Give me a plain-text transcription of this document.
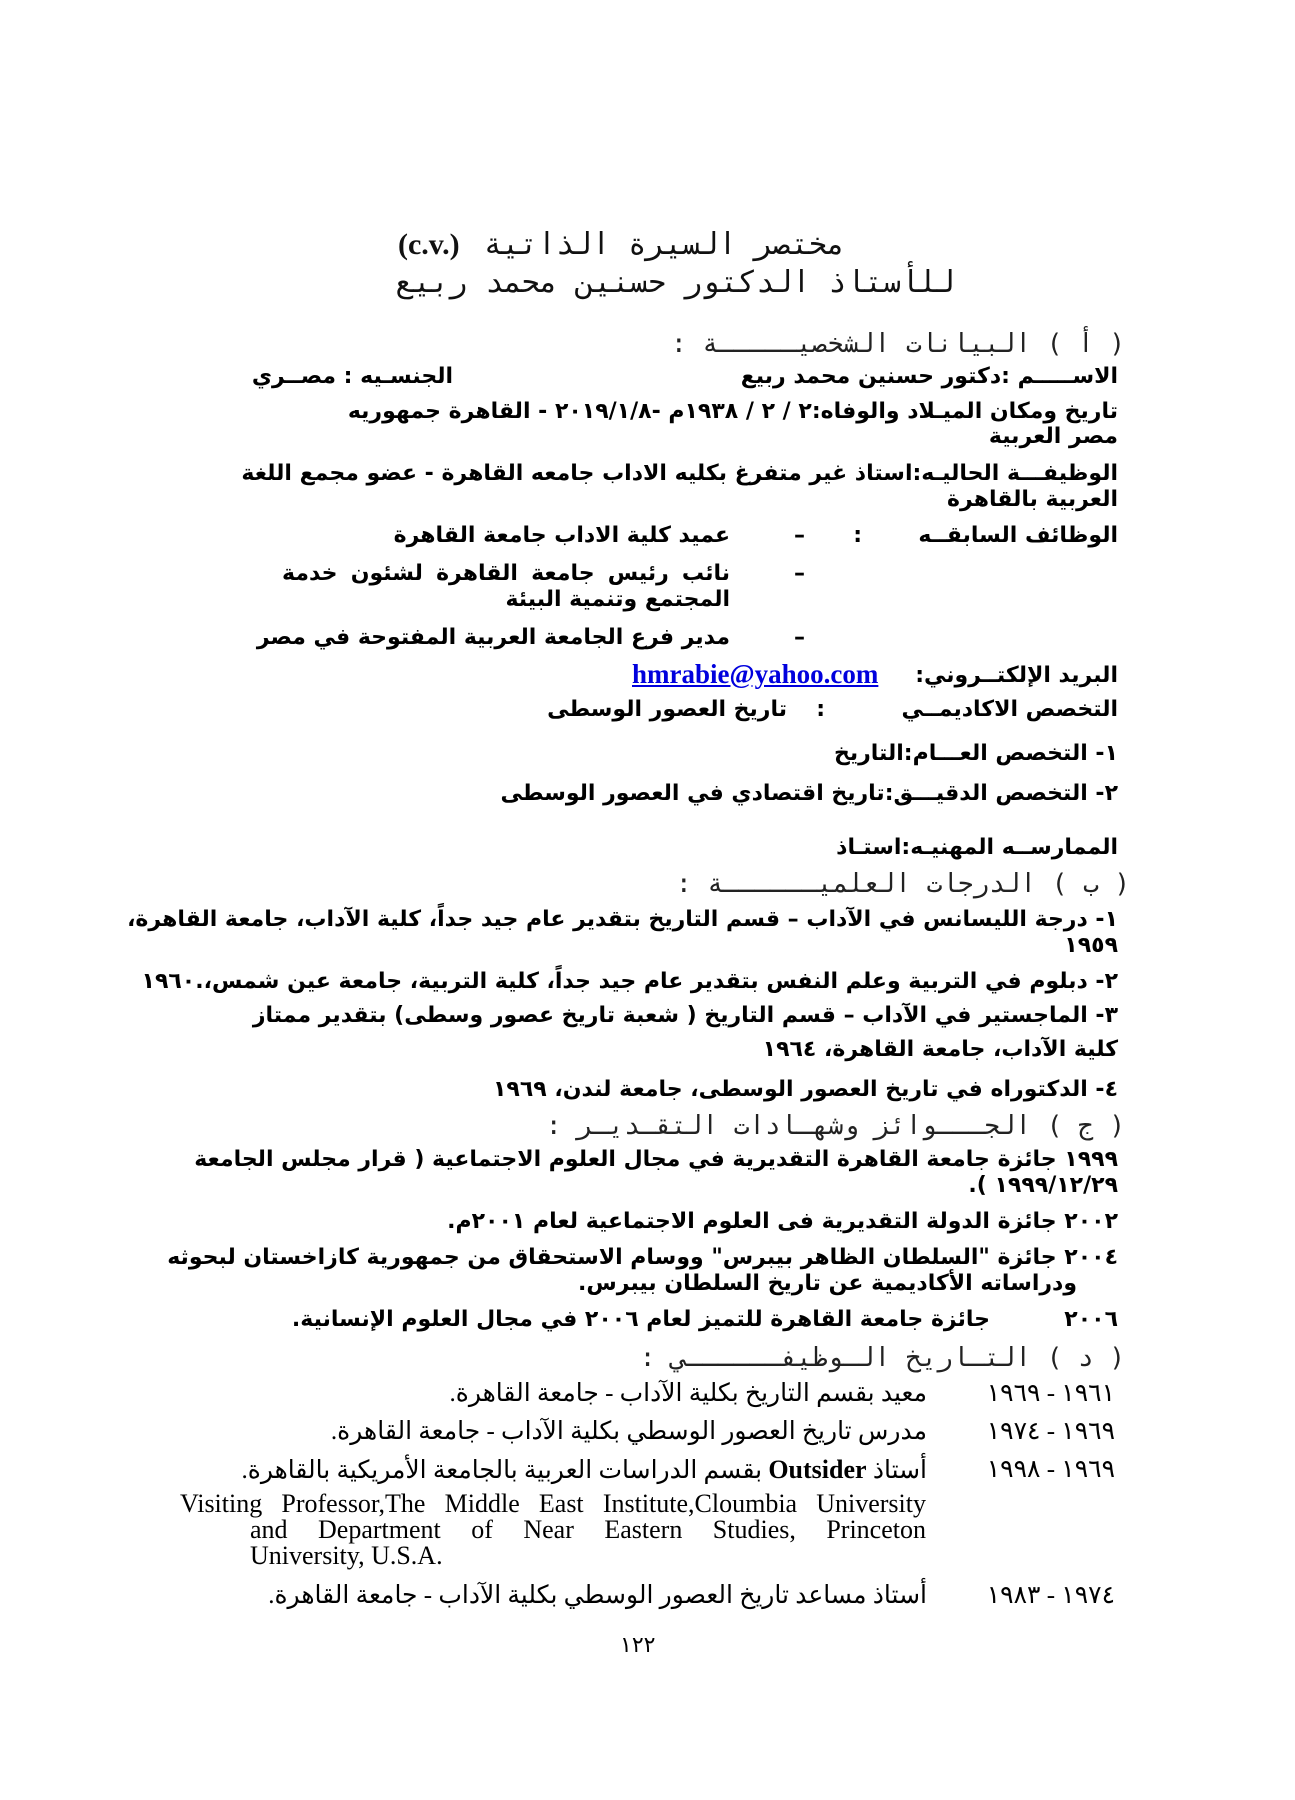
(c.v.) مختصر السيرة الذاتية
للأستاذ الدكتور حسنين محمد ربيع
( أ ) البيانات الشخصيـــــة :
الاســـــم :دكتور حسنين محمد ربيع
الجنسـيه : مصــري
تاريخ ومكان الميـلاد والوفاه:٢ / ٢ / ١٩٣٨م -٢٠١٩/١/٨ - القاهرة جمهوريه
مصر العربية
الوظيفـــة الحاليـه:استاذ غير متفرغ بكليه الاداب جامعه القاهرة - عضو مجمع اللغة
العربية بالقاهرة
الوظائف السابقــه
:
–
عميد كلية الاداب جامعة القاهرة
–
نائب رئيس جامعة القاهرة لشئون خدمة
المجتمع وتنمية البيئة
–
مدير فرع الجامعة العربية المفتوحة في مصر
البريد الإلكتــروني:
hmrabie@yahoo.com
التخصص الاكاديمــي
:
تاريخ العصور الوسطى
١- التخصص العـــام:التاريخ
٢- التخصص الدقيـــق:تاريخ اقتصادي في العصور الوسطى
الممارســه المهنيـه:استـاذ
( ب ) الدرجات العلميــــــة :
١- درجة الليسانس في الآداب – قسم التاريخ بتقدير عام جيد جداً، كلية الآداب، جامعة القاهرة،
١٩٥٩
٢- دبلوم في التربية وعلم النفس بتقدير عام جيد جداً، كلية التربية، جامعة عين شمس،.١٩٦٠
٣- الماجستير في الآداب – قسم التاريخ ( شعبة تاريخ عصور وسطى) بتقدير ممتاز
كلية الآداب، جامعة القاهرة، ١٩٦٤
٤- الدكتوراه في تاريخ العصور الوسطى، جامعة لندن، ١٩٦٩
( ج ) الجـــوائز وشهـادات التقـديـر :
١٩٩٩ جائزة جامعة القاهرة التقديرية في مجال العلوم الاجتماعية ( قرار مجلس الجامعة
١٩٩٩/١٢/٢٩ ).
٢٠٠٢ جائزة الدولة التقديرية فى العلوم الاجتماعية لعام ٢٠٠١م.
٢٠٠٤ جائزة "السلطان الظاهر بيبرس" ووسام الاستحقاق من جمهورية كازاخستان لبحوثه
ودراساته الأكاديمية عن تاريخ السلطان بيبرس.
٢٠٠٦
جائزة جامعة القاهرة للتميز لعام ٢٠٠٦ في مجال العلوم الإنسانية.
( د ) التـاريخ الـوظيفــــــي :
١٩٦١ - ١٩٦٩
معيد بقسم التاريخ بكلية الآداب - جامعة القاهرة.
١٩٦٩ - ١٩٧٤
مدرس تاريخ العصور الوسطي بكلية الآداب - جامعة القاهرة.
١٩٦٩ - ١٩٩٨
أستاذ Outsider بقسم الدراسات العربية بالجامعة الأمريكية بالقاهرة.
Visiting Professor,The Middle East Institute,Cloumbia University
and Department of Near Eastern Studies, Princeton
University, U.S.A.
١٩٧٤ - ١٩٨٣
أستاذ مساعد تاريخ العصور الوسطي بكلية الآداب - جامعة القاهرة.
١٢٢
